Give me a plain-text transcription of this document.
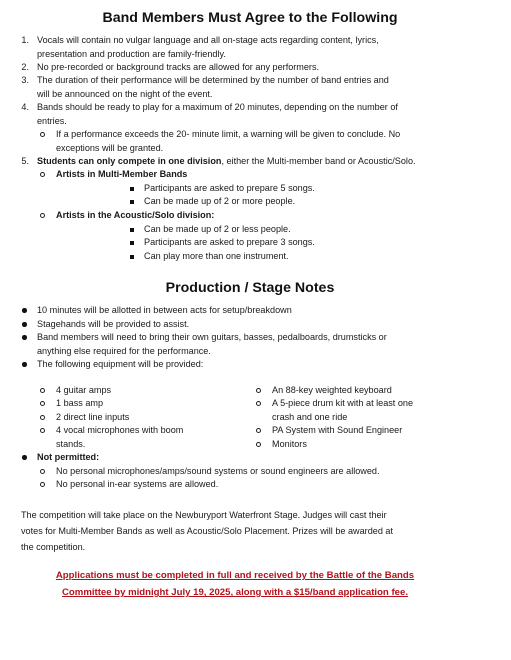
Band Members Must Agree to the Following
1. Vocals will contain no vulgar language and all on-stage acts regarding content, lyrics,
presentation and production are family-friendly.
2. No pre-recorded or background tracks are allowed for any performers.
3. The duration of their performance will be determined by the number of band entries and
will be announced on the night of the event.
4. Bands should be ready to play for a maximum of 20 minutes, depending on the number of
entries.
If a performance exceeds the 20- minute limit, a warning will be given to conclude. No
exceptions will be granted.
5. Students can only compete in one division, either the Multi-member band or Acoustic/Solo.
Artists in Multi-Member Bands
Participants are asked to prepare 5 songs.
Can be made up of 2 or more people.
Artists in the Acoustic/Solo division:
Can be made up of 2 or less people.
Participants are asked to prepare 3 songs.
Can play more than one instrument.
Production / Stage Notes
10 minutes will be allotted in between acts for setup/breakdown
Stagehands will be provided to assist.
Band members will need to bring their own guitars, basses, pedalboards, drumsticks or
anything else required for the performance.
The following equipment will be provided:
4 guitar amps
1 bass amp
2 direct line inputs
4 vocal microphones with boom
stands.
An 88-key weighted keyboard
A 5-piece drum kit with at least one
crash and one ride
PA System with Sound Engineer
Monitors
Not permitted:
No personal microphones/amps/sound systems or sound engineers are allowed.
No personal in-ear systems are allowed.
The competition will take place on the Newburyport Waterfront Stage. Judges will cast their
votes for Multi-Member Bands as well as Acoustic/Solo Placement. Prizes will be awarded at
the competition.
Applications must be completed in full and received by the Battle of the Bands
Committee by midnight July 19, 2025, along with a $15/band application fee.
